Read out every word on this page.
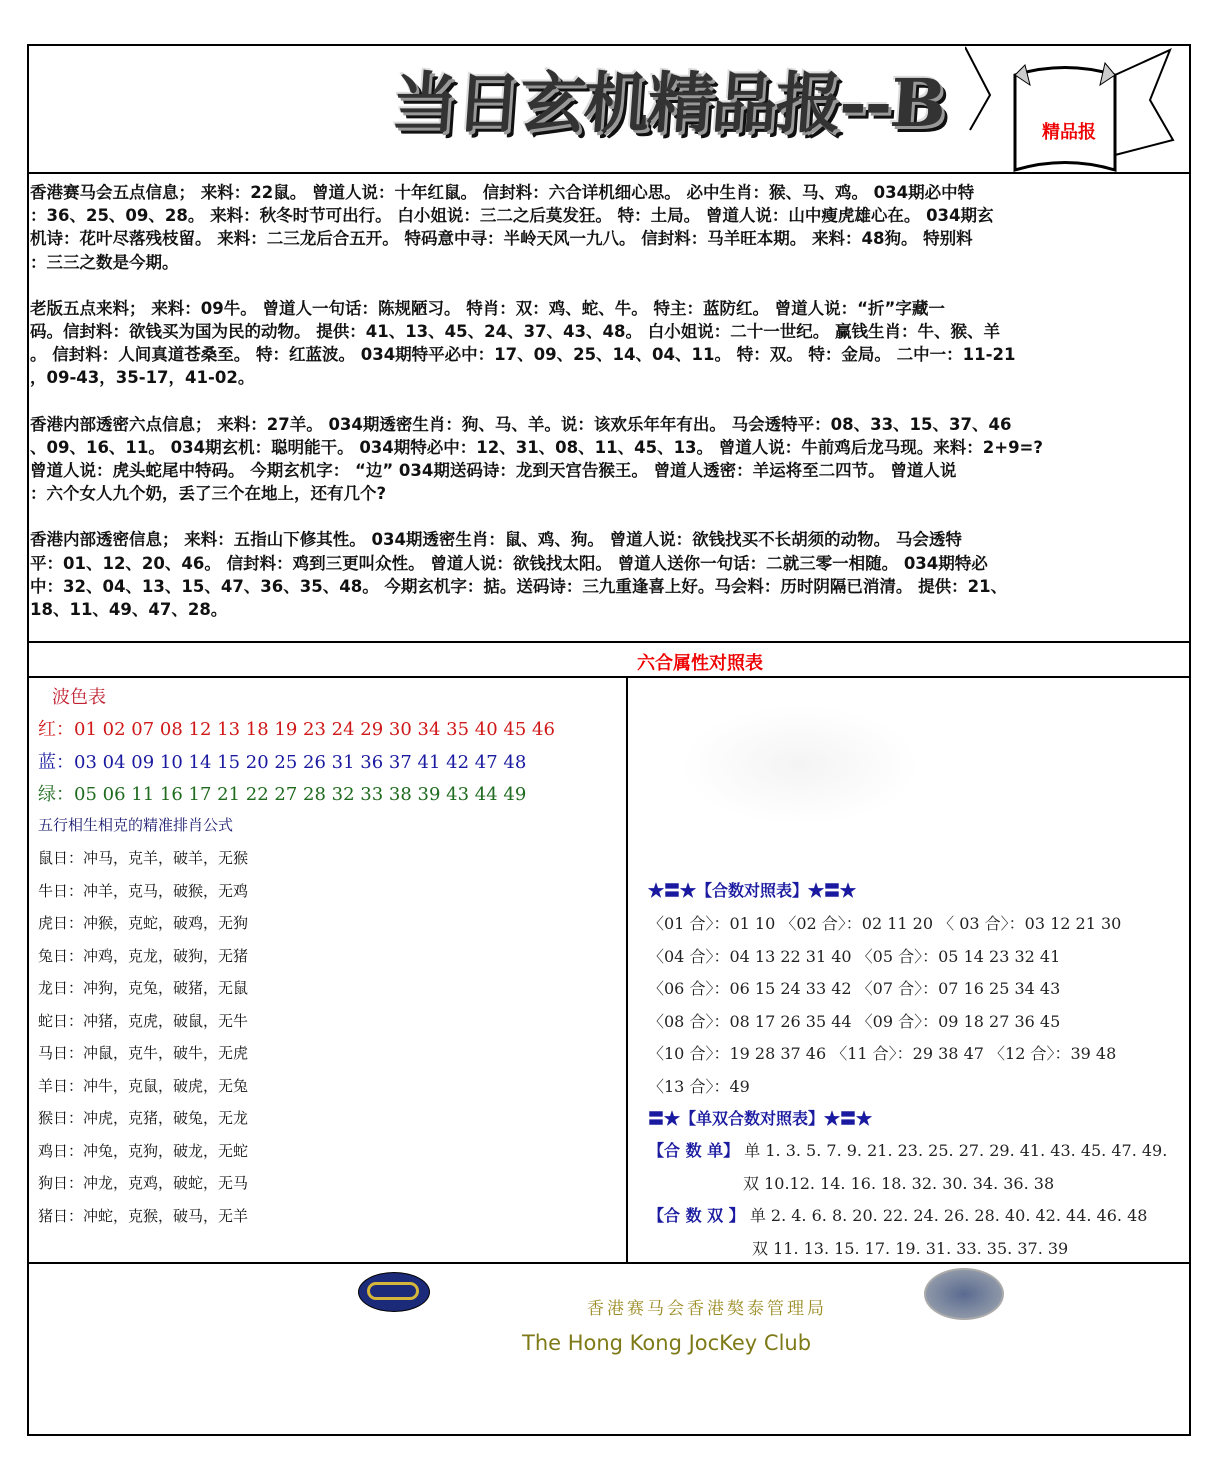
当日玄机精品报--B	精品报
香港赛马会五点信息； 来料：22鼠。 曾道人说：十年红鼠。 信封料：六合详机细心思。 必中生肖：猴、马、鸡。 034期必中特
：36、25、09、28。 来料：秋冬时节可出行。 白小姐说：三二之后莫发狂。 特：土局。 曾道人说：山中瘦虎雄心在。 034期玄
机诗：花叶尽落残枝留。 来料：二三龙后合五开。 特码意中寻：半岭天风一九八。 信封料：马羊旺本期。 来料：48狗。 特别料
：三三之数是今期。
老版五点来料； 来料：09牛。 曾道人一句话：陈规陋习。 特肖：双：鸡、蛇、牛。 特主：蓝防红。 曾道人说：“折”字藏一
码。信封料：欲钱买为国为民的动物。 提供：41、13、45、24、37、43、48。 白小姐说：二十一世纪。 赢钱生肖：牛、猴、羊
。 信封料：人间真道苍桑至。 特：红蓝波。 034期特平必中：17、09、25、14、04、11。 特：双。 特：金局。 二中一：11-21
，09-43，35-17，41-02。
香港内部透密六点信息； 来料：27羊。 034期透密生肖：狗、马、羊。说：该欢乐年年有出。 马会透特平：08、33、15、37、46
、09、16、11。 034期玄机：聪明能干。 034期特必中：12、31、08、11、45、13。 曾道人说：牛前鸡后龙马现。来料：2+9=?
曾道人说：虎头蛇尾中特码。 今期玄机字： “边” 034期送码诗：龙到天宫告猴王。 曾道人透密：羊运将至二四节。 曾道人说
：六个女人九个奶，丢了三个在地上，还有几个?
香港内部透密信息； 来料：五指山下修其性。 034期透密生肖：鼠、鸡、狗。 曾道人说：欲钱找买不长胡须的动物。 马会透特
平：01、12、20、46。 信封料：鸡到三更叫众性。 曾道人说：欲钱找太阳。 曾道人送你一句话：二就三零一相随。 034期特必
中：32、04、13、15、47、36、35、48。 今期玄机字：掂。送码诗：三九重逢喜上好。马会料：历时阴隔已消清。 提供：21、
18、11、49、47、28。
六合属性对照表
波色表
红：01 02 07 08 12 13 18 19 23 24 29 30 34 35 40 45 46
蓝：03 04 09 10 14 15 20 25 26 31 36 37 41 42 47 48
绿：05 06 11 16 17 21 22 27 28 32 33 38 39 43 44 49
五行相生相克的精准排肖公式
鼠日：冲马，克羊，破羊，无猴
牛日：冲羊，克马，破猴，无鸡
虎日：冲猴，克蛇，破鸡，无狗
兔日：冲鸡，克龙，破狗，无猪
龙日：冲狗，克兔，破猪，无鼠
蛇日：冲猪，克虎，破鼠，无牛
马日：冲鼠，克牛，破牛，无虎
羊日：冲牛，克鼠，破虎，无兔
猴日：冲虎，克猪，破兔，无龙
鸡日：冲兔，克狗，破龙，无蛇
狗日：冲龙，克鸡，破蛇，无马
猪日：冲蛇，克猴，破马，无羊
★〓★【合数对照表】★〓★
〈01 合〉：01 10 〈02 合〉：02 11 20 〈 03 合〉：03 12 21 30
〈04 合〉：04 13 22 31 40 〈05 合〉：05 14 23 32 41
〈06 合〉：06 15 24 33 42 〈07 合〉：07 16 25 34 43
〈08 合〉：08 17 26 35 44 〈09 合〉：09 18 27 36 45
〈10 合〉：19 28 37 46 〈11 合〉：29 38 47 〈12 合〉：39 48
〈13 合〉：49
〓★【单双合数对照表】★〓★
【合 数 单】 单 1. 3. 5. 7. 9. 21. 23. 25. 27. 29. 41. 43. 45. 47. 49.
双 10.12. 14. 16. 18. 32. 30. 34. 36. 38
【合 数 双 】 单 2. 4. 6. 8. 20. 22. 24. 26. 28. 40. 42. 44. 46. 48
双 11. 13. 15. 17. 19. 31. 33. 35. 37. 39
香港赛马会香港獒泰管理局
The Hong Kong JocKey Club
